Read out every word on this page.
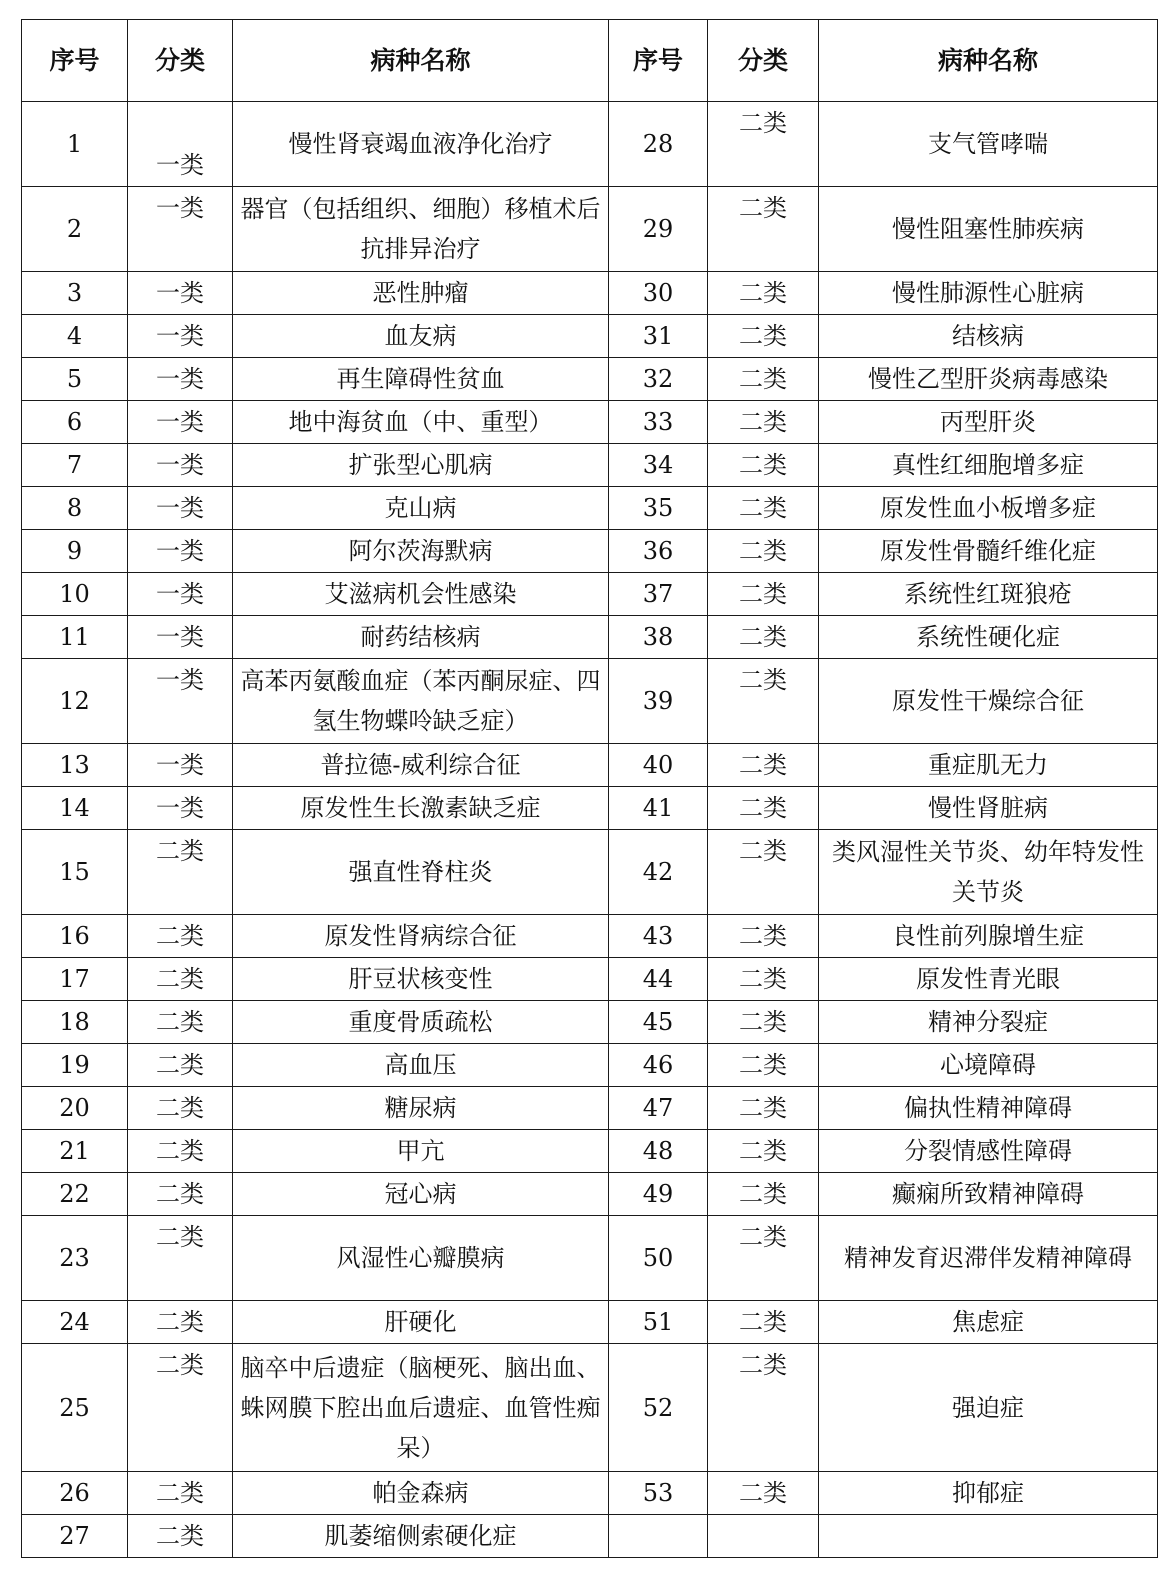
序号	分类	病种名称	序号	分类	病种名称
1	一类	慢性肾衰竭血液净化治疗	28	二类	支气管哮喘
2	一类	器官（包括组织、细胞）移植术后抗排异治疗	29	二类	慢性阻塞性肺疾病
3	一类	恶性肿瘤	30	二类	慢性肺源性心脏病
4	一类	血友病	31	二类	结核病
5	一类	再生障碍性贫血	32	二类	慢性乙型肝炎病毒感染
6	一类	地中海贫血（中、重型）	33	二类	丙型肝炎
7	一类	扩张型心肌病	34	二类	真性红细胞增多症
8	一类	克山病	35	二类	原发性血小板增多症
9	一类	阿尔茨海默病	36	二类	原发性骨髓纤维化症
10	一类	艾滋病机会性感染	37	二类	系统性红斑狼疮
11	一类	耐药结核病	38	二类	系统性硬化症
12	一类	高苯丙氨酸血症（苯丙酮尿症、四氢生物蝶呤缺乏症）	39	二类	原发性干燥综合征
13	一类	普拉德-威利综合征	40	二类	重症肌无力
14	一类	原发性生长激素缺乏症	41	二类	慢性肾脏病
15	二类	强直性脊柱炎	42	二类	类风湿性关节炎、幼年特发性关节炎
16	二类	原发性肾病综合征	43	二类	良性前列腺增生症
17	二类	肝豆状核变性	44	二类	原发性青光眼
18	二类	重度骨质疏松	45	二类	精神分裂症
19	二类	高血压	46	二类	心境障碍
20	二类	糖尿病	47	二类	偏执性精神障碍
21	二类	甲亢	48	二类	分裂情感性障碍
22	二类	冠心病	49	二类	癫痫所致精神障碍
23	二类	风湿性心瓣膜病	50	二类	精神发育迟滞伴发精神障碍
24	二类	肝硬化	51	二类	焦虑症
25	二类	脑卒中后遗症（脑梗死、脑出血、蛛网膜下腔出血后遗症、血管性痴呆）	52	二类	强迫症
26	二类	帕金森病	53	二类	抑郁症
27	二类	肌萎缩侧索硬化症			
